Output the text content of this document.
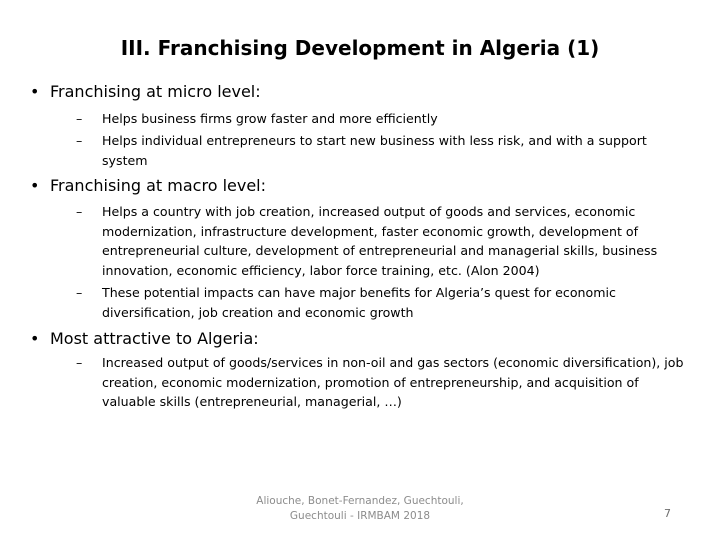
III. Franchising Development in Algeria (1)
• Franchising at micro level:
– Helps business firms grow faster and more efficiently
– Helps individual entrepreneurs to start new business with less risk, and with a support system
• Franchising at macro level:
– Helps a country with job creation, increased output of goods and services, economic modernization, infrastructure development, faster economic growth, development of entrepreneurial culture, development of entrepreneurial and managerial skills, business innovation, economic efficiency, labor force training, etc. (Alon 2004)
– These potential impacts can have major benefits for Algeria’s quest for economic diversification, job creation and economic growth
• Most attractive to Algeria:
– Increased output of goods/services in non-oil and gas sectors (economic diversification), job creation, economic modernization, promotion of entrepreneurship, and acquisition of valuable skills (entrepreneurial, managerial, …)
Aliouche, Bonet-Fernandez, Guechtouli, Guechtouli - IRMBAM 2018	7
